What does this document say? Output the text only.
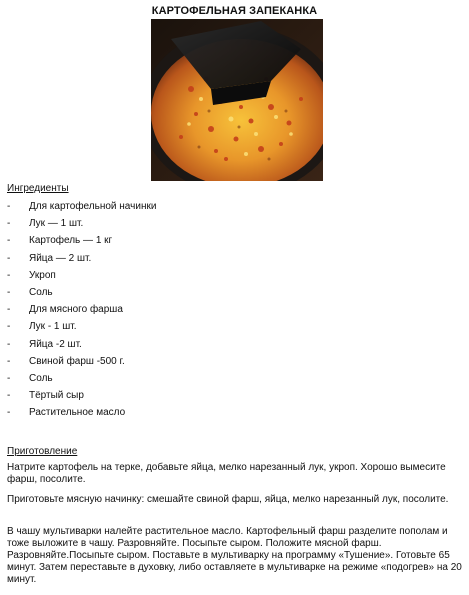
КАРТОФЕЛЬНАЯ ЗАПЕКАНКА
Ингредиенты
- Для картофельной начинки
- Лук — 1 шт.
- Картофель — 1 кг
- Яйца — 2 шт.
- Укроп
- Соль
- Для мясного фарша
- Лук - 1 шт.
- Яйца -2 шт.
- Свиной фарш -500 г.
- Соль
- Тёртый сыр
- Растительное масло
Приготовление

Натрите картофель на терке, добавьте яйца, мелко нарезанный лук, укроп. Хорошо вымесите фарш, посолите.

Приготовьте мясную начинку: смешайте свиной фарш, яйца, мелко нарезанный лук, посолите.

В чашу мультиварки налейте растительное масло. Картофельный фарш разделите пополам и тоже выложите в чашу. Разровняйте. Посыпьте сыром. Положите мясной фарш. Разровняйте.Посыпьте сыром. Поставьте в мультиварку на программу «Тушение». Готовьте 65 минут. Затем переставьте в духовку, либо оставляете в мультиварке на режиме «подогрев» на 20 минут.
